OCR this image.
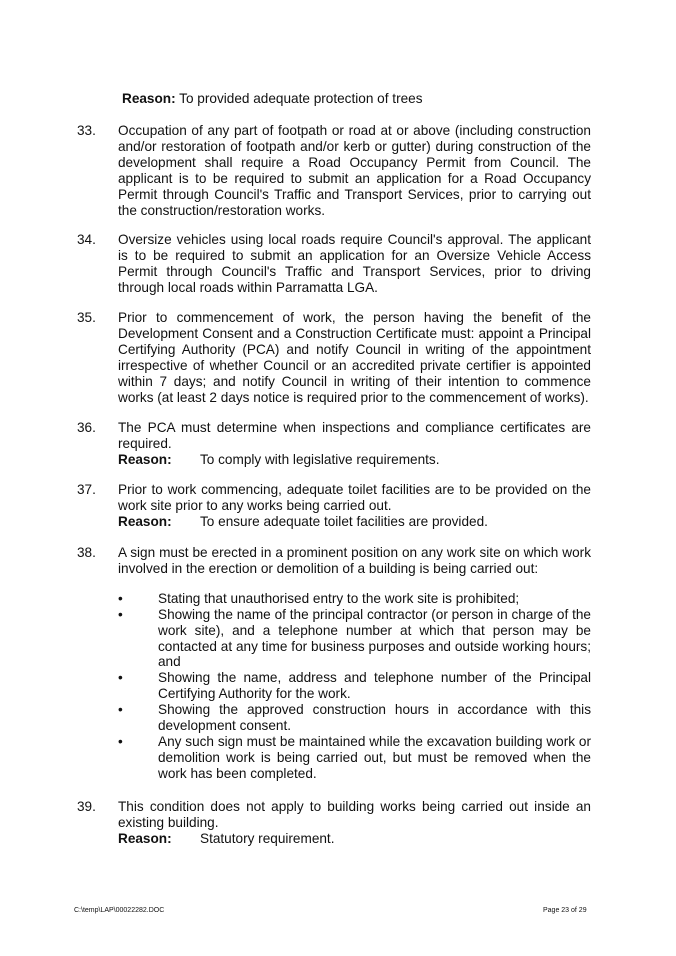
Reason: To provided adequate protection of trees
33.	Occupation of any part of footpath or road at or above (including construction and/or restoration of footpath and/or kerb or gutter) during construction of the development shall require a Road Occupancy Permit from Council. The applicant is to be required to submit an application for a Road Occupancy Permit through Council's Traffic and Transport Services, prior to carrying out the construction/restoration works.
34.	Oversize vehicles using local roads require Council's approval. The applicant is to be required to submit an application for an Oversize Vehicle Access Permit through Council's Traffic and Transport Services, prior to driving through local roads within Parramatta LGA.
35.	Prior to commencement of work, the person having the benefit of the Development Consent and a Construction Certificate must: appoint a Principal Certifying Authority (PCA) and notify Council in writing of the appointment irrespective of whether Council or an accredited private certifier is appointed within 7 days; and notify Council in writing of their intention to commence works (at least 2 days notice is required prior to the commencement of works).
36.	The PCA must determine when inspections and compliance certificates are required.
Reason:	To comply with legislative requirements.
37.	Prior to work commencing, adequate toilet facilities are to be provided on the work site prior to any works being carried out.
Reason:	To ensure adequate toilet facilities are provided.
38.	A sign must be erected in a prominent position on any work site on which work involved in the erection or demolition of a building is being carried out:
•	Stating that unauthorised entry to the work site is prohibited;
•	Showing the name of the principal contractor (or person in charge of the work site), and a telephone number at which that person may be contacted at any time for business purposes and outside working hours; and
•	Showing the name, address and telephone number of the Principal Certifying Authority for the work.
•	Showing the approved construction hours in accordance with this development consent.
•	Any such sign must be maintained while the excavation building work or demolition work is being carried out, but must be removed when the work has been completed.
39.	This condition does not apply to building works being carried out inside an existing building.
Reason:	Statutory requirement.
C:\temp\LAP\00022282.DOC	Page 23 of 29
